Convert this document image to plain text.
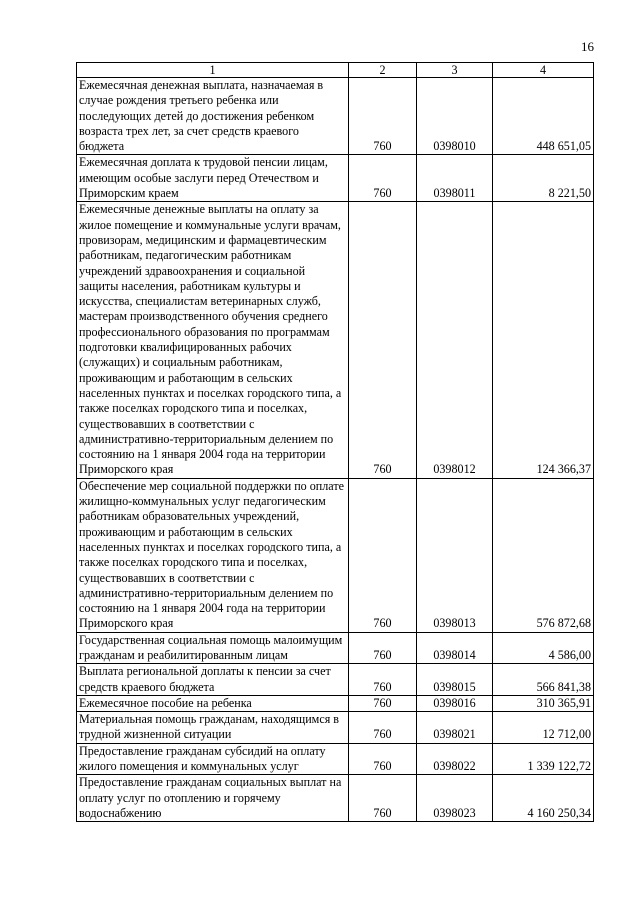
16
1	2	3	4
Ежемесячная денежная выплата, назначаемая в случае рождения третьего ребенка или последующих детей до достижения ребенком возраста трех лет, за счет средств краевого бюджета	760	0398010	448 651,05
Ежемесячная доплата к трудовой пенсии лицам, имеющим особые заслуги перед Отечеством и Приморским краем	760	0398011	8 221,50
Ежемесячные денежные выплаты на оплату за жилое помещение и коммунальные услуги врачам, провизорам, медицинским и фармацевтическим работникам, педагогическим работникам учреждений здравоохранения и социальной защиты населения, работникам культуры и искусства, специалистам ветеринарных служб, мастерам производственного обучения среднего профессионального образования по программам подготовки квалифицированных рабочих (служащих) и социальным работникам, проживающим и работающим в сельских населенных пунктах и поселках городского типа, а также поселках городского типа и поселках, существовавших в соответствии с административно-территориальным делением по состоянию на 1 января 2004 года на территории Приморского края	760	0398012	124 366,37
Обеспечение мер социальной поддержки по оплате жилищно-коммунальных услуг педагогическим работникам образовательных учреждений, проживающим и работающим в сельских населенных пунктах и поселках городского типа, а также поселках городского типа и поселках, существовавших в соответствии с административно-территориальным делением по состоянию на 1 января 2004 года на территории Приморского края	760	0398013	576 872,68
Государственная социальная помощь малоимущим гражданам и реабилитированным лицам	760	0398014	4 586,00
Выплата региональной доплаты к пенсии за счет средств краевого бюджета	760	0398015	566 841,38
Ежемесячное пособие на ребенка	760	0398016	310 365,91
Материальная помощь гражданам, находящимся в трудной жизненной ситуации	760	0398021	12 712,00
Предоставление гражданам субсидий на оплату жилого помещения и коммунальных услуг	760	0398022	1 339 122,72
Предоставление гражданам социальных выплат на оплату услуг по отоплению и горячему водоснабжению	760	0398023	4 160 250,34
